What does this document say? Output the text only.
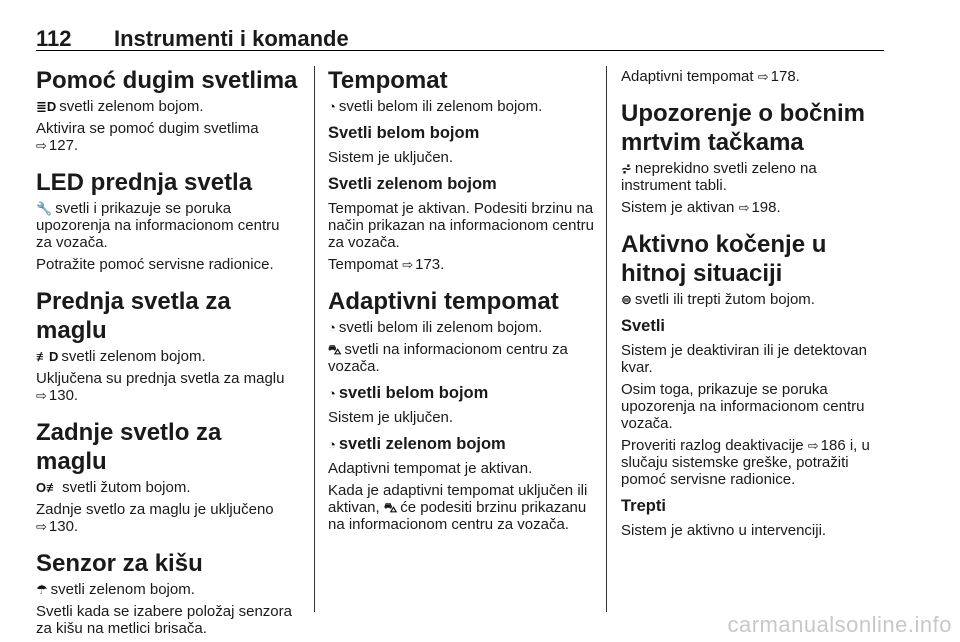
112 Instrumenti i komande
Pomoć dugim svetlima

≣D svetli zelenom bojom.

Aktivira se pomoć dugim svetlima
⇨ 127.

LED prednja svetla

🔧 svetli i prikazuje se poruka upozorenja na informacionom centru za vozača.

Potražite pomoć servisne radionice.

Prednja svetla za maglu

≢D svetli zelenom bojom.

Uključena su prednja svetla za maglu
⇨ 130.

Zadnje svetlo za maglu

O≢ svetli žutom bojom.

Zadnje svetlo za maglu je uključeno
⇨ 130.

Senzor za kišu

☂ svetli zelenom bojom.

Svetli kada se izabere položaj senzora za kišu na metlici brisača.

Tempomat

◔ svetli belom ili zelenom bojom.

Svetli belom bojom

Sistem je uključen.

Svetli zelenom bojom

Tempomat je aktivan. Podesiti brzinu na način prikazan na informacionom centru za vozača.

Tempomat ⇨ 173.

Adaptivni tempomat

◔ svetli belom ili zelenom bojom.

⛍ svetli na informacionom centru za vozača.

◔ svetli belom bojom

Sistem je uključen.

◔ svetli zelenom bojom

Adaptivni tempomat je aktivan.

Kada je adaptivni tempomat uključen ili aktivan, ⛍ će podesiti brzinu prikazanu na informacionom centru za vozača.

Adaptivni tempomat ⇨ 178.

Upozorenje o bočnim mrtvim tačkama

⩫ neprekidno svetli zeleno na instrument tabli.

Sistem je aktivan ⇨ 198.

Aktivno kočenje u hitnoj situaciji

⊜ svetli ili trepti žutom bojom.

Svetli

Sistem je deaktiviran ili je detektovan kvar.

Osim toga, prikazuje se poruka upozorenja na informacionom centru vozača.

Proveriti razlog deaktivacije ⇨ 186 i, u slučaju sistemske greške, potražiti pomoć servisne radionice.

Trepti

Sistem je aktivno u intervenciji.

carmanualsonline.info
